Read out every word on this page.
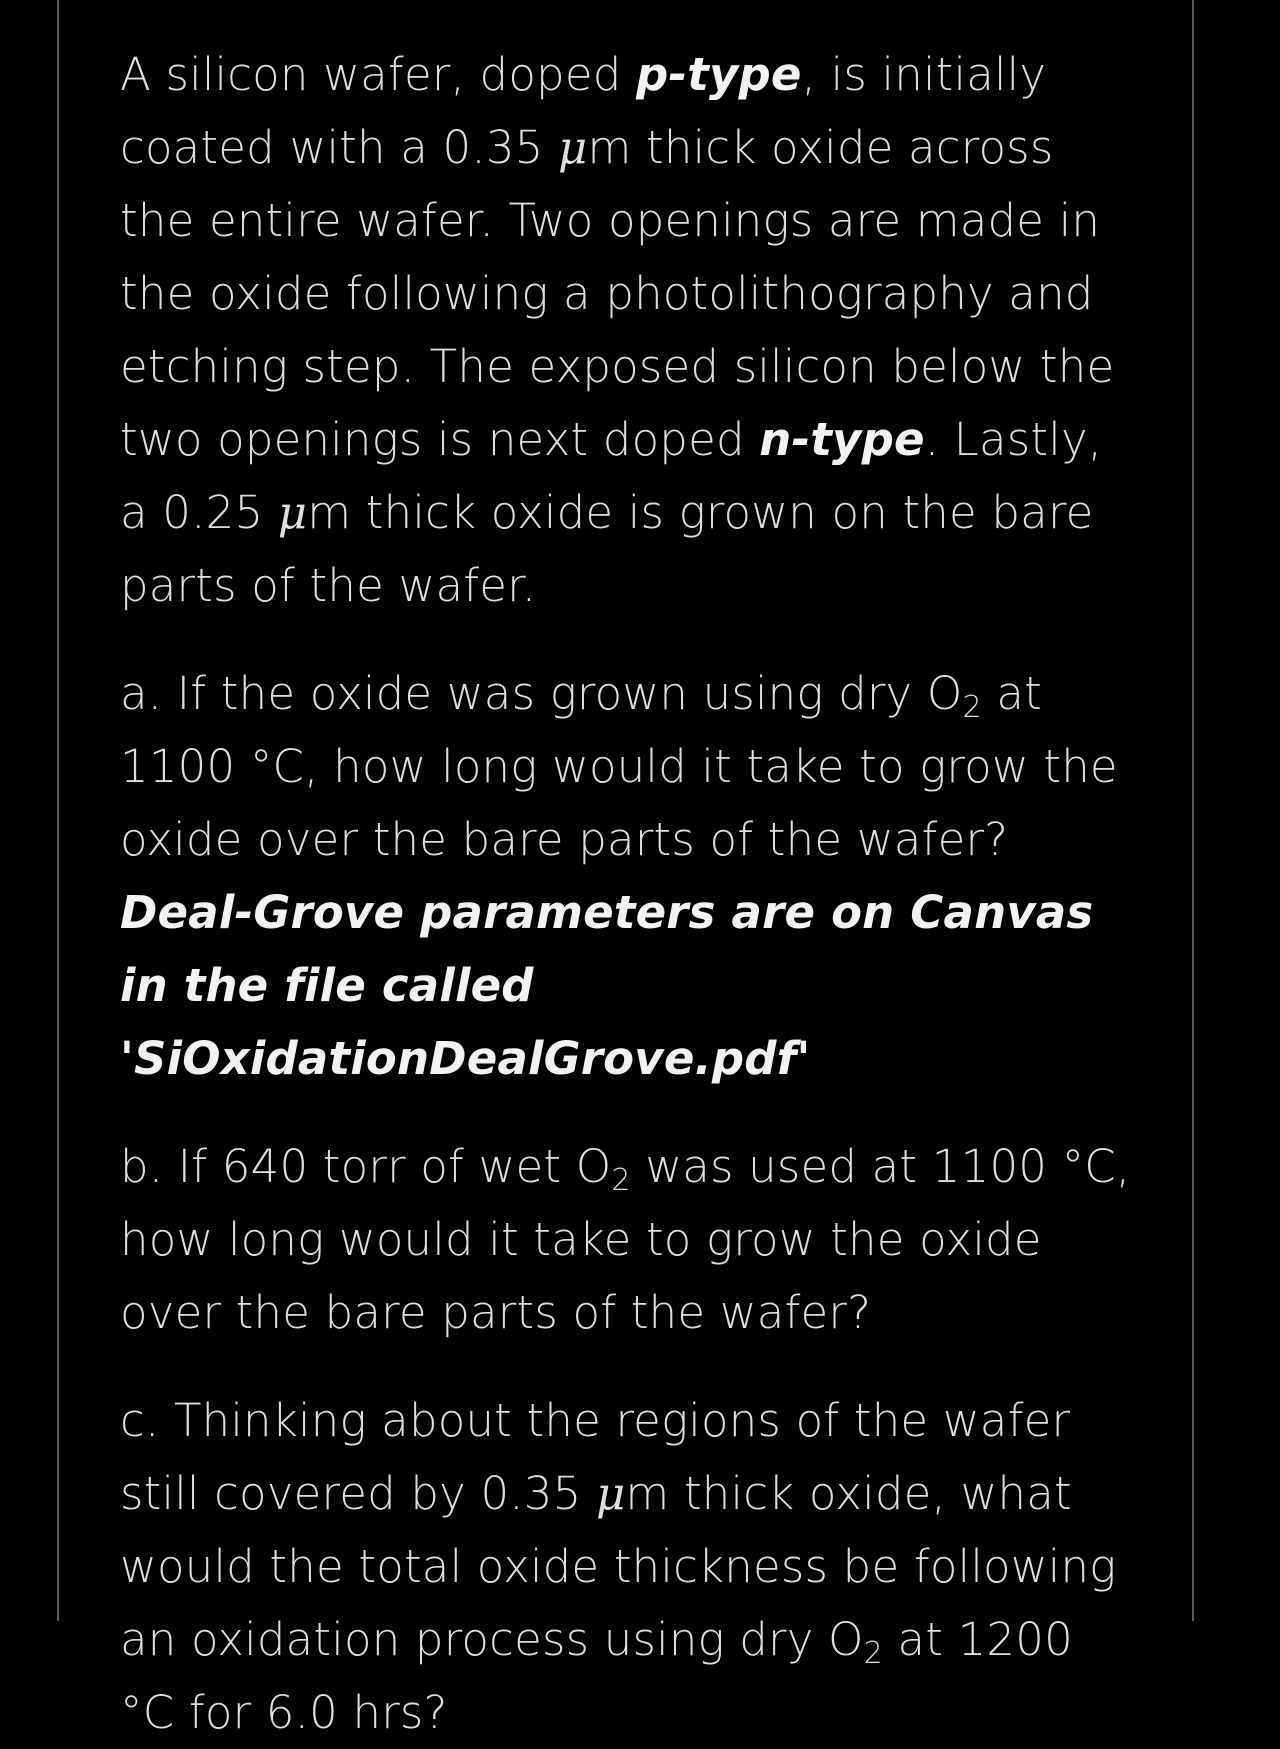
A silicon wafer, doped p-type, is initially coated with a 0.35 μm thick oxide across the entire wafer. Two openings are made in the oxide following a photolithography and etching step. The exposed silicon below the two openings is next doped n-type. Lastly, a 0.25 μm thick oxide is grown on the bare parts of the wafer.

a. If the oxide was grown using dry $O_2$ at 1100 °C, how long would it take to grow the oxide over the bare parts of the wafer? Deal-Grove parameters are on Canvas in the file called 'SiOxidationDealGrove.pdf'

b. If 640 torr of wet $O_2$ was used at 1100 °C, how long would it take to grow the oxide over the bare parts of the wafer?

c. Thinking about the regions of the wafer still covered by 0.35 μm thick oxide, what would the total oxide thickness be following an oxidation process using dry $O_2$ at 1200 °C for 6.0 hrs?
